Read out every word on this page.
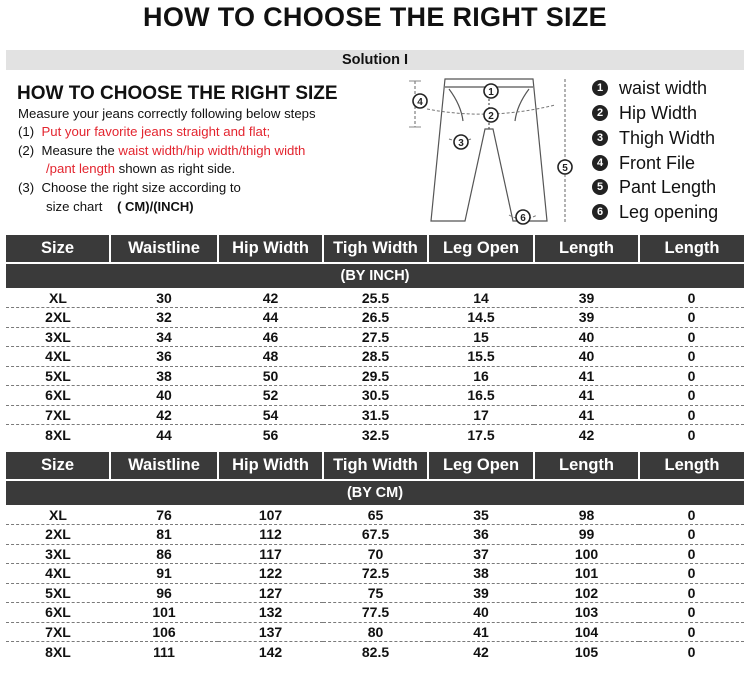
HOW TO CHOOSE THE RIGHT SIZE
Solution I
HOW TO CHOOSE THE RIGHT SIZE
Measure your jeans correctly following below steps
(1) Put your favorite jeans straight and flat;
(2) Measure the waist width/hip width/thigh width
/pant length shown as right side.
(3) Choose the right size according to
size chart ( CM)/(INCH)
1
2
3
4
5
6
1 waist width
2 Hip Width
3 Thigh Width
4 Front File
5 Pant Length
6 Leg opening
Size	Waistline	Hip Width	Tigh Width	Leg Open	Length	Length
(BY INCH)						
XL	30	42	25.5	14	39	0
2XL	32	44	26.5	14.5	39	0
3XL	34	46	27.5	15	40	0
4XL	36	48	28.5	15.5	40	0
5XL	38	50	29.5	16	41	0
6XL	40	52	30.5	16.5	41	0
7XL	42	54	31.5	17	41	0
8XL	44	56	32.5	17.5	42	0
Size	Waistline	Hip Width	Tigh Width	Leg Open	Length	Length
(BY CM)						
XL	76	107	65	35	98	0
2XL	81	112	67.5	36	99	0
3XL	86	117	70	37	100	0
4XL	91	122	72.5	38	101	0
5XL	96	127	75	39	102	0
6XL	101	132	77.5	40	103	0
7XL	106	137	80	41	104	0
8XL	111	142	82.5	42	105	0
